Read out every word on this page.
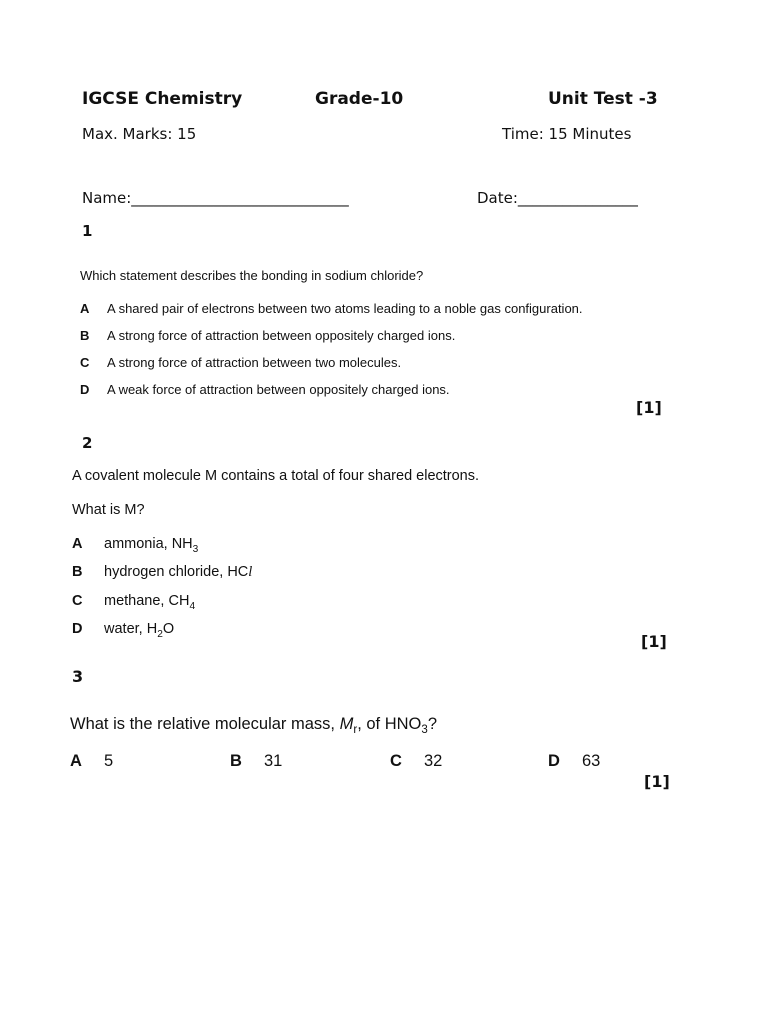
IGCSE Chemistry	Grade-10	Unit Test -3
Max. Marks: 15	Time: 15 Minutes
Name:_____________________________	Date:________________
1
Which statement describes the bonding in sodium chloride?
A	A shared pair of electrons between two atoms leading to a noble gas configuration.
B	A strong force of attraction between oppositely charged ions.
C	A strong force of attraction between two molecules.
D	A weak force of attraction between oppositely charged ions.
[1]
2
A covalent molecule M contains a total of four shared electrons.
What is M?
A	ammonia, $NH_3$
B	hydrogen chloride, HCl
C	methane, $CH_4$
D	water, $H_2O$
[1]
3
What is the relative molecular mass, $M_r$, of $HNO_3$?
A	5	B	31	C	32	D	63
[1]
